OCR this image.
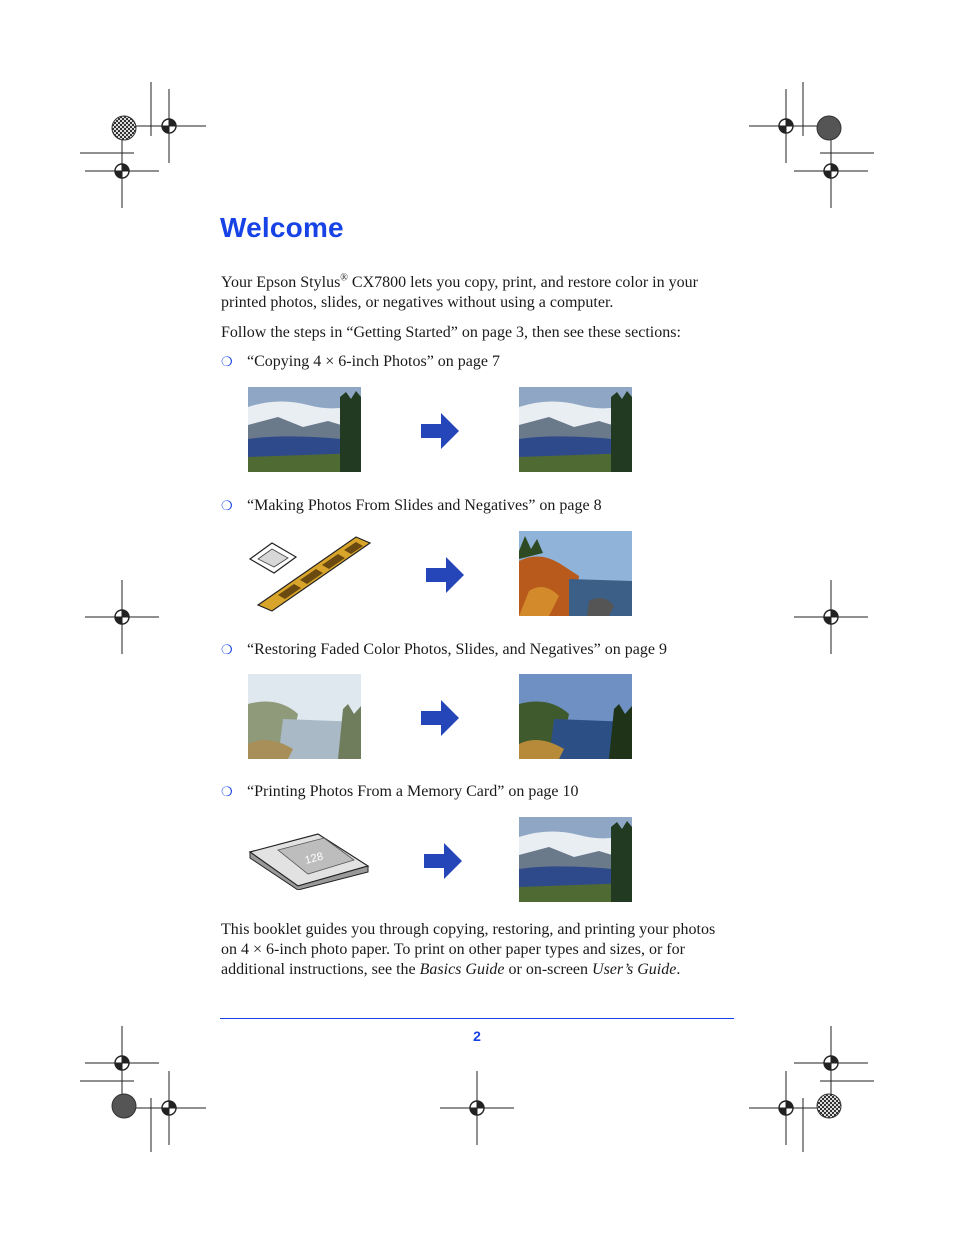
Welcome

Your Epson Stylus® CX7800 lets you copy, print, and restore color in your printed photos, slides, or negatives without using a computer.

Follow the steps in “Getting Started” on page 3, then see these sections:

❍ “Copying 4 × 6-inch Photos” on page 7
❍ “Making Photos From Slides and Negatives” on page 8
❍ “Restoring Faded Color Photos, Slides, and Negatives” on page 9
❍ “Printing Photos From a Memory Card” on page 10
128

This booklet guides you through copying, restoring, and printing your photos on 4 × 6-inch photo paper. To print on other paper types and sizes, or for additional instructions, see the Basics Guide or on-screen User’s Guide.

2
